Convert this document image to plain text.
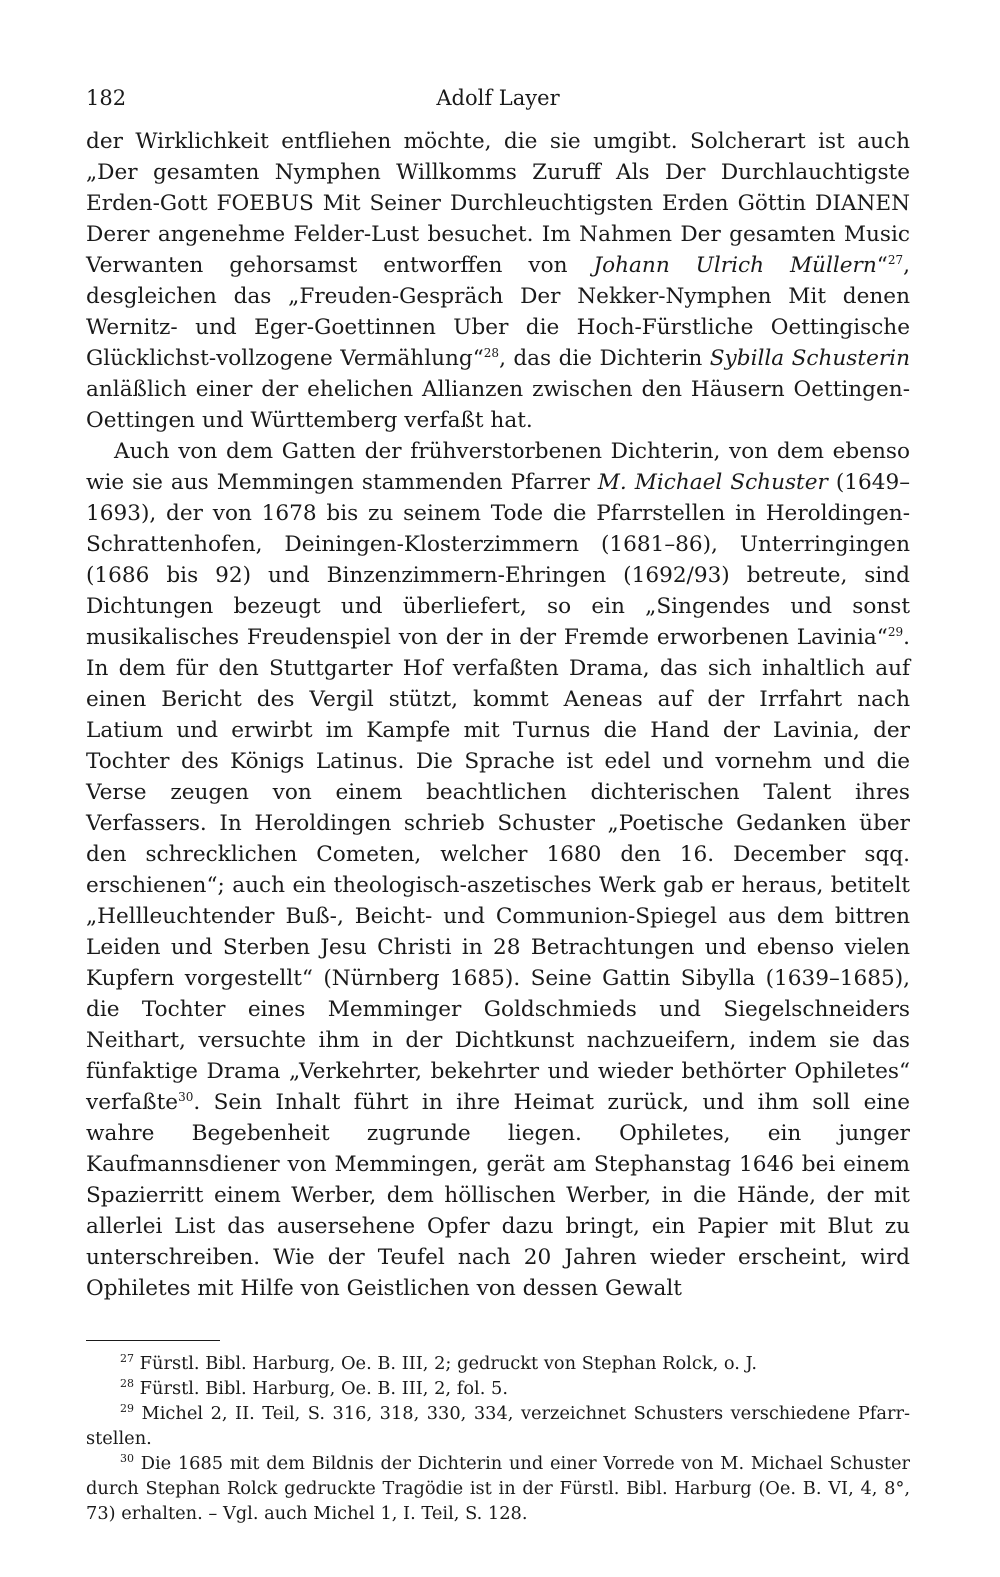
182	Adolf Layer

der Wirklichkeit entfliehen möchte, die sie umgibt. Solcherart ist auch „Der gesamten Nymphen Willkomms Zuruff Als Der Durchlauchtigste Erden-Gott FOEBUS Mit Seiner Durchleuchtigsten Erden Göttin DIANEN Derer angenehme Felder-Lust besuchet. Im Nahmen Der gesamten Music Verwanten gehorsamst entworffen von Johann Ulrich Müllern“$^{27}$, desgleichen das „Freuden-Gespräch Der Nekker-Nymphen Mit denen Wernitz- und Eger-Goettinnen Uber die Hoch-Fürstliche Oettingische Glücklichst-vollzogene Vermählung“$^{28}$, das die Dichterin Sybilla Schusterin anläßlich einer der ehelichen Allianzen zwischen den Häusern Oettingen-Oettingen und Württemberg verfaßt hat.

Auch von dem Gatten der frühverstorbenen Dichterin, von dem ebenso wie sie aus Memmingen stammenden Pfarrer M. Michael Schuster (1649–1693), der von 1678 bis zu seinem Tode die Pfarrstellen in Heroldingen-Schrattenhofen, Deiningen-Klosterzimmern (1681–86), Unterringingen (1686 bis 92) und Binzenzimmern-Ehringen (1692/93) betreute, sind Dichtungen bezeugt und überliefert, so ein „Singendes und sonst musikalisches Freudenspiel von der in der Fremde erworbenen Lavinia“$^{29}$. In dem für den Stuttgarter Hof verfaßten Drama, das sich inhaltlich auf einen Bericht des Vergil stützt, kommt Aeneas auf der Irrfahrt nach Latium und erwirbt im Kampfe mit Turnus die Hand der Lavinia, der Tochter des Königs Latinus. Die Sprache ist edel und vornehm und die Verse zeugen von einem beachtlichen dichterischen Talent ihres Verfassers. In Heroldingen schrieb Schuster „Poetische Gedanken über den schrecklichen Cometen, welcher 1680 den 16. December sqq. erschienen“; auch ein theologisch-aszetisches Werk gab er heraus, betitelt „Hellleuchtender Buß-, Beicht- und Communion-Spiegel aus dem bittren Leiden und Sterben Jesu Christi in 28 Betrachtungen und ebenso vielen Kupfern vorgestellt“ (Nürnberg 1685). Seine Gattin Sibylla (1639–1685), die Tochter eines Memminger Goldschmieds und Siegelschneiders Neithart, versuchte ihm in der Dichtkunst nachzueifern, indem sie das fünfaktige Drama „Verkehrter, bekehrter und wieder bethörter Ophiletes“ verfaßte$^{30}$. Sein Inhalt führt in ihre Heimat zurück, und ihm soll eine wahre Begebenheit zugrunde liegen. Ophiletes, ein junger Kaufmannsdiener von Memmingen, gerät am Stephanstag 1646 bei einem Spazierritt einem Werber, dem höllischen Werber, in die Hände, der mit allerlei List das ausersehene Opfer dazu bringt, ein Papier mit Blut zu unterschreiben. Wie der Teufel nach 20 Jahren wieder erscheint, wird Ophiletes mit Hilfe von Geistlichen von dessen Gewalt

$^{27}$ Fürstl. Bibl. Harburg, Oe. B. III, 2; gedruckt von Stephan Rolck, o. J.

$^{28}$ Fürstl. Bibl. Harburg, Oe. B. III, 2, fol. 5.

$^{29}$ Michel 2, II. Teil, S. 316, 318, 330, 334, verzeichnet Schusters verschiedene Pfarrstellen.

$^{30}$ Die 1685 mit dem Bildnis der Dichterin und einer Vorrede von M. Michael Schuster durch Stephan Rolck gedruckte Tragödie ist in der Fürstl. Bibl. Harburg (Oe. B. VI, 4, 8°, 73) erhalten. – Vgl. auch Michel 1, I. Teil, S. 128.
